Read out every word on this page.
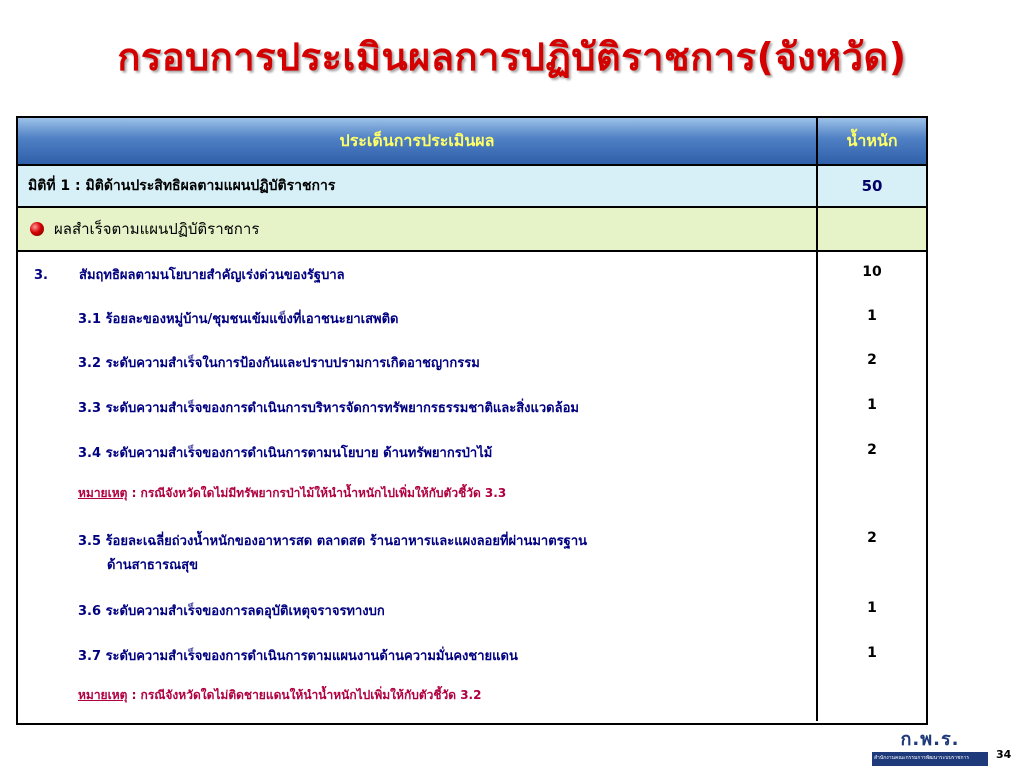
กรอบการประเมินผลการปฏิบัติราชการ(จังหวัด)
ประเด็นการประเมินผล	น้ำหนัก
มิติที่ 1 : มิติด้านประสิทธิผลตามแผนปฏิบัติราชการ	50
ผลสำเร็จตามแผนปฏิบัติราชการ
3. สัมฤทธิผลตามนโยบายสำคัญเร่งด่วนของรัฐบาล
3.1 ร้อยละของหมู่บ้าน/ชุมชนเข้มแข็งที่เอาชนะยาเสพติด
3.2 ระดับความสำเร็จในการป้องกันและปราบปรามการเกิดอาชญากรรม
3.3 ระดับความสำเร็จของการดำเนินการบริหารจัดการทรัพยากรธรรมชาติและสิ่งแวดล้อม
3.4 ระดับความสำเร็จของการดำเนินการตามนโยบาย ด้านทรัพยากรป่าไม้
หมายเหตุ : กรณีจังหวัดใดไม่มีทรัพยากรป่าไม้ให้นำน้ำหนักไปเพิ่มให้กับตัวชี้วัด 3.3
3.5 ร้อยละเฉลี่ยถ่วงน้ำหนักของอาหารสด ตลาดสด ร้านอาหารและแผงลอยที่ผ่านมาตรฐาน
ด้านสาธารณสุข
3.6 ระดับความสำเร็จของการลดอุบัติเหตุจราจรทางบก
3.7 ระดับความสำเร็จของการดำเนินการตามแผนงานด้านความมั่นคงชายแดน
หมายเหตุ : กรณีจังหวัดใดไม่ติดชายแดนให้นำน้ำหนักไปเพิ่มให้กับตัวชี้วัด 3.2
10
1
2
1
2
2
1
1
ก.พ.ร.
สำนักงานคณะกรรมการพัฒนาระบบราชการ 34
